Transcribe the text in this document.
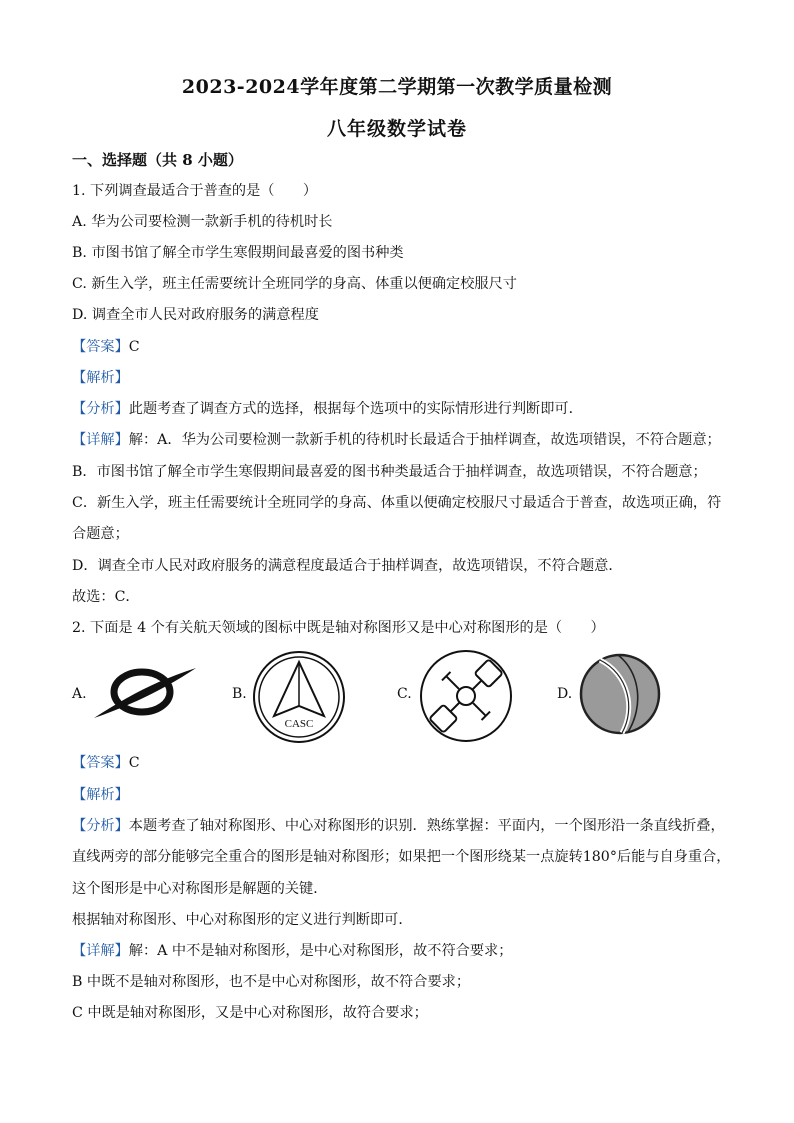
2023-2024学年度第二学期第一次教学质量检测
八年级数学试卷
一、选择题（共 8 小题）
1. 下列调查最适合于普查的是（　　）
A. 华为公司要检测一款新手机的待机时长
B. 市图书馆了解全市学生寒假期间最喜爱的图书种类
C. 新生入学，班主任需要统计全班同学的身高、体重以便确定校服尺寸
D. 调查全市人民对政府服务的满意程度
【答案】C
【解析】
【分析】此题考查了调查方式的选择，根据每个选项中的实际情形进行判断即可．
【详解】解：A．华为公司要检测一款新手机的待机时长最适合于抽样调查，故选项错误，不符合题意；
B．市图书馆了解全市学生寒假期间最喜爱的图书种类最适合于抽样调查，故选项错误，不符合题意；
C．新生入学，班主任需要统计全班同学的身高、体重以便确定校服尺寸最适合于普查，故选项正确，符
合题意；
D．调查全市人民对政府服务的满意程度最适合于抽样调查，故选项错误，不符合题意．
故选：C．
2. 下面是 4 个有关航天领域的图标中既是轴对称图形又是中心对称图形的是（　　）
A.	B.
CASC
C.	D.
【答案】C
【解析】
【分析】本题考查了轴对称图形、中心对称图形的识别．熟练掌握：平面内，一个图形沿一条直线折叠，
直线两旁的部分能够完全重合的图形是轴对称图形；如果把一个图形绕某一点旋转180°后能与自身重合，
这个图形是中心对称图形是解题的关键．
根据轴对称图形、中心对称图形的定义进行判断即可．
【详解】解：A 中不是轴对称图形，是中心对称图形，故不符合要求；
B 中既不是轴对称图形，也不是中心对称图形，故不符合要求；
C 中既是轴对称图形，又是中心对称图形，故符合要求；
